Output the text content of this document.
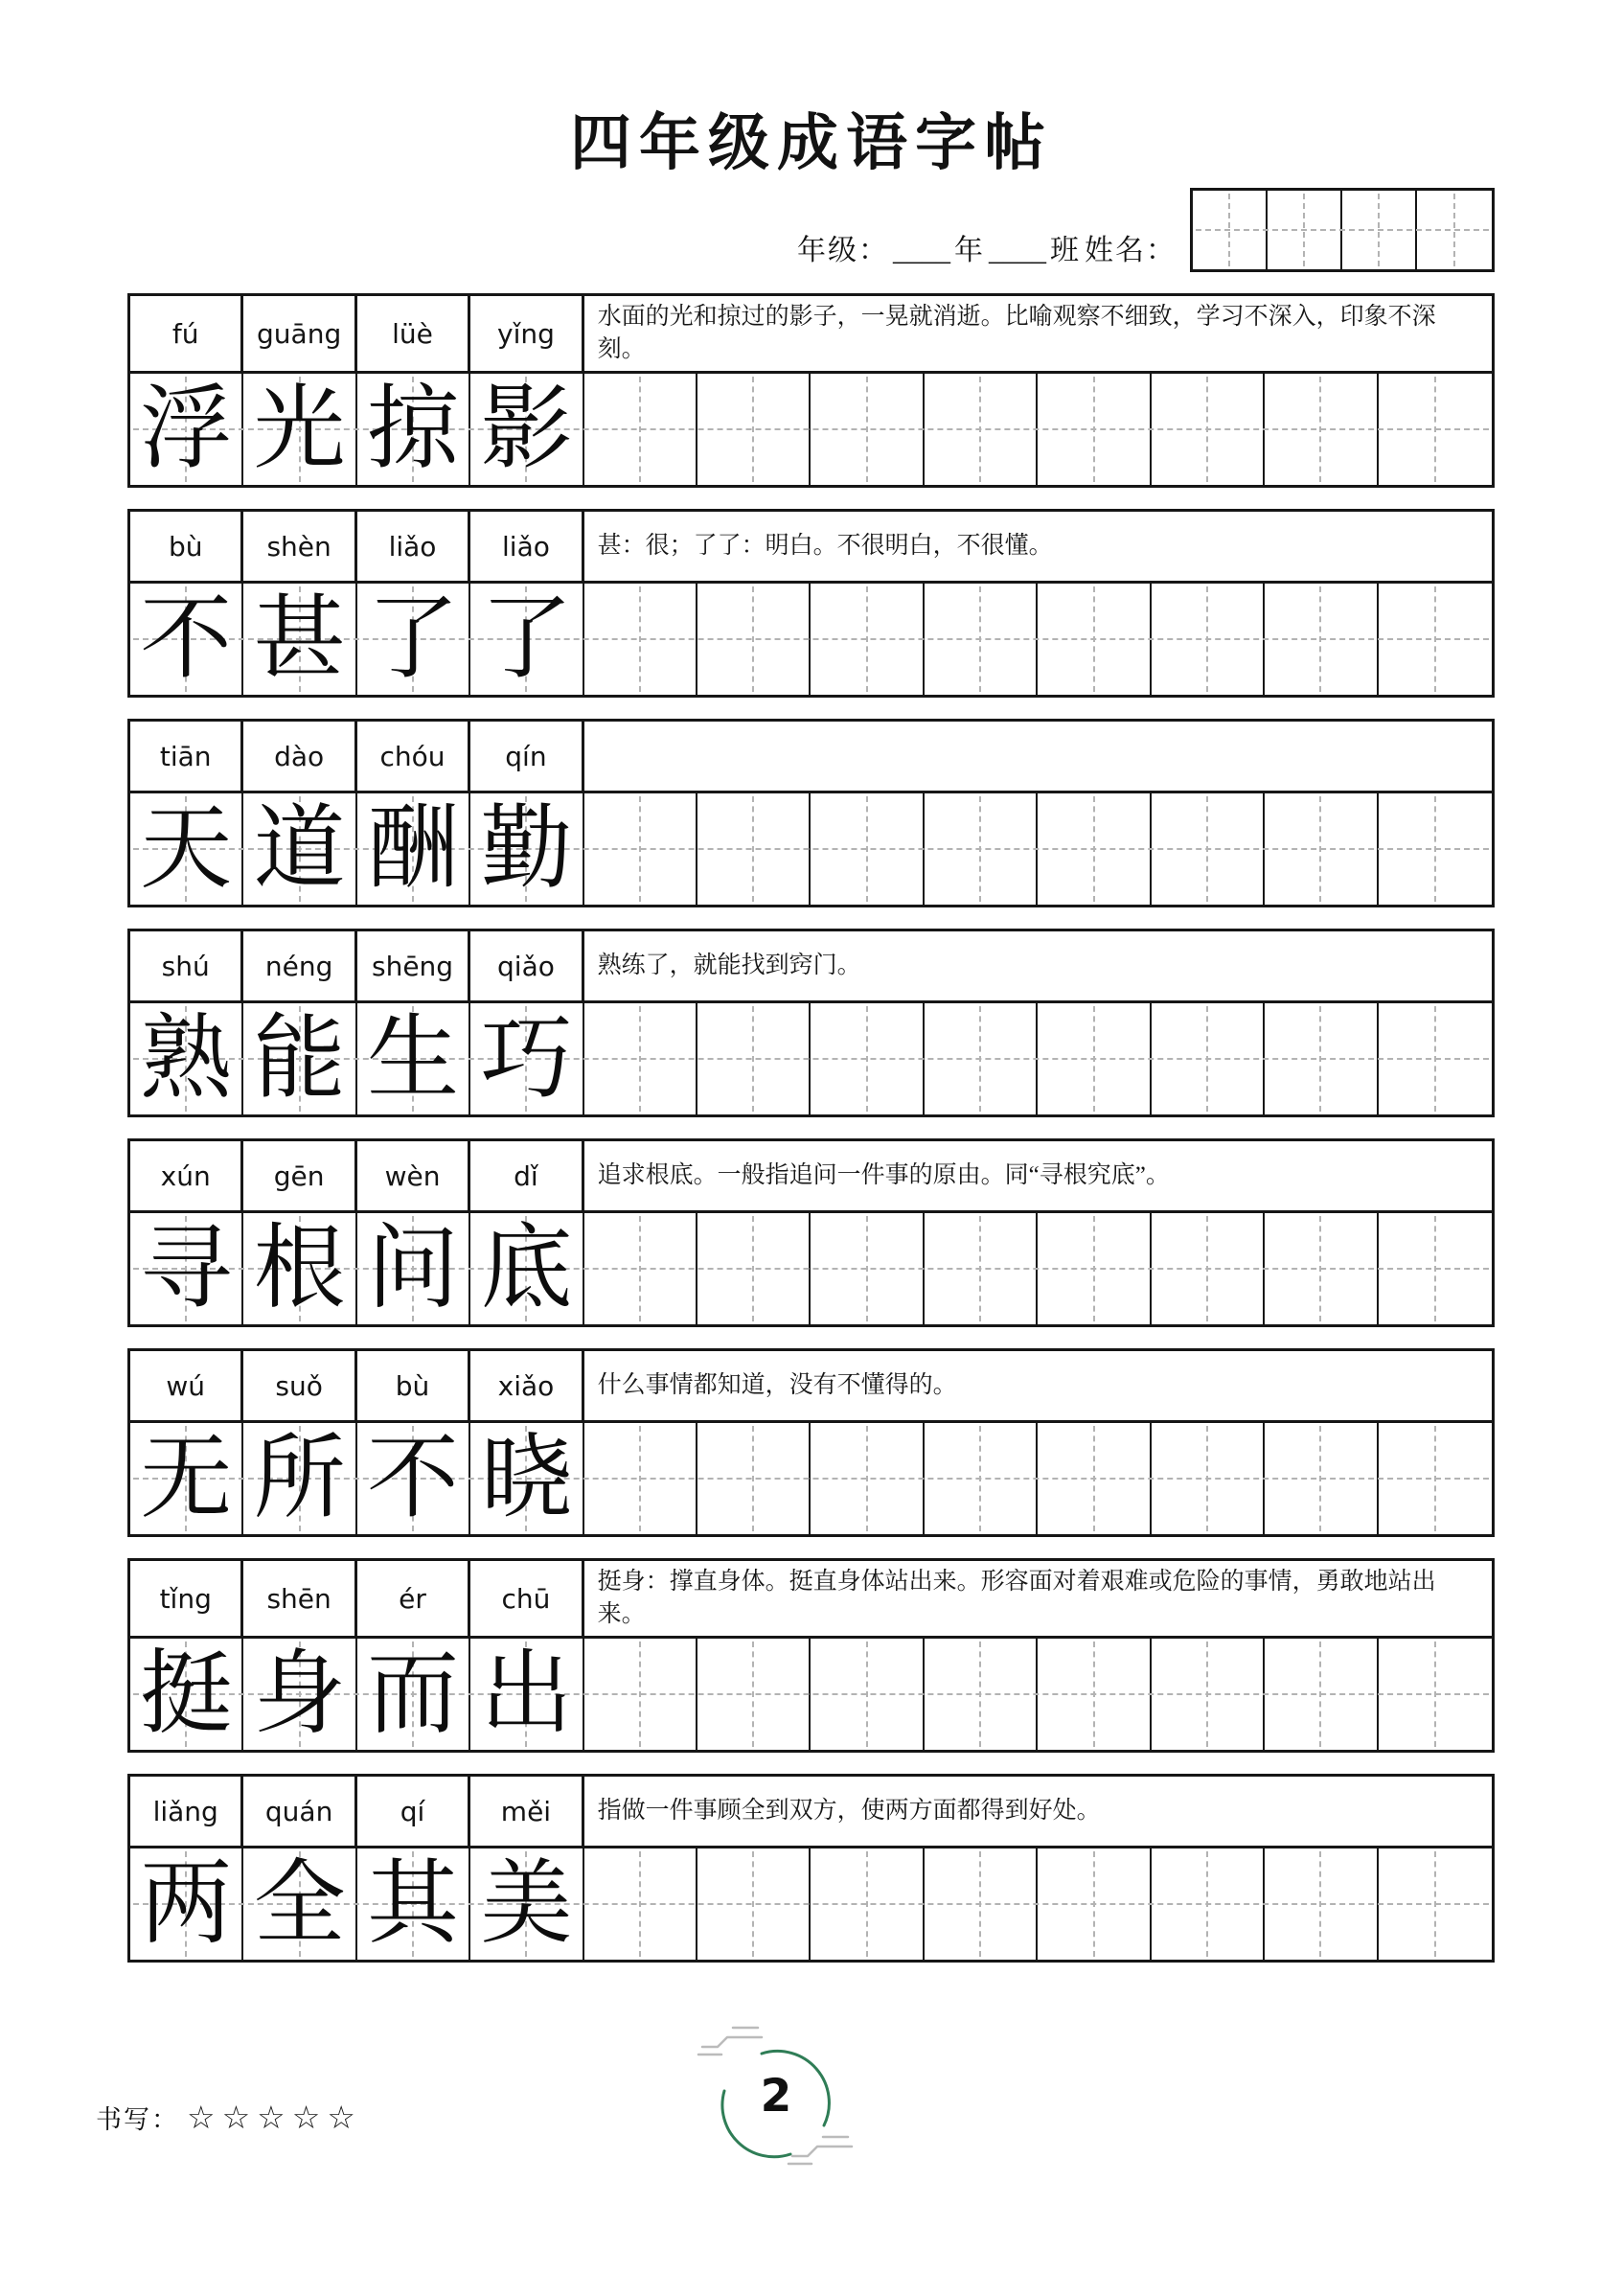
四年级成语字帖
年级： ____ 年 ____ 班 姓名：
fú	guāng	lüè	yǐng
水面的光和掠过的影子，一晃就消逝。比喻观察不细致，学习不深入，印象不深刻。
浮 光 掠 影
bù	shèn	liǎo	liǎo	甚：很；了了：明白。不很明白，不很懂。
不 甚 了 了
tiān	dào	chóu	qín
天 道 酬 勤
shú	néng	shēng	qiǎo	熟练了，就能找到窍门。
熟 能 生 巧
xún	gēn	wèn	dǐ	追求根底。一般指追问一件事的原由。同“寻根究底”。
寻 根 问 底
wú	suǒ	bù	xiǎo	什么事情都知道，没有不懂得的。
无 所 不 晓
tǐng	shēn	ér	chū
挺身：撑直身体。挺直身体站出来。形容面对着艰难或危险的事情，勇敢地站出来。
挺 身 而 出
liǎng	quán	qí	měi	指做一件事顾全到双方，使两方面都得到好处。
两 全 其 美
书写： ☆☆☆☆☆	2
